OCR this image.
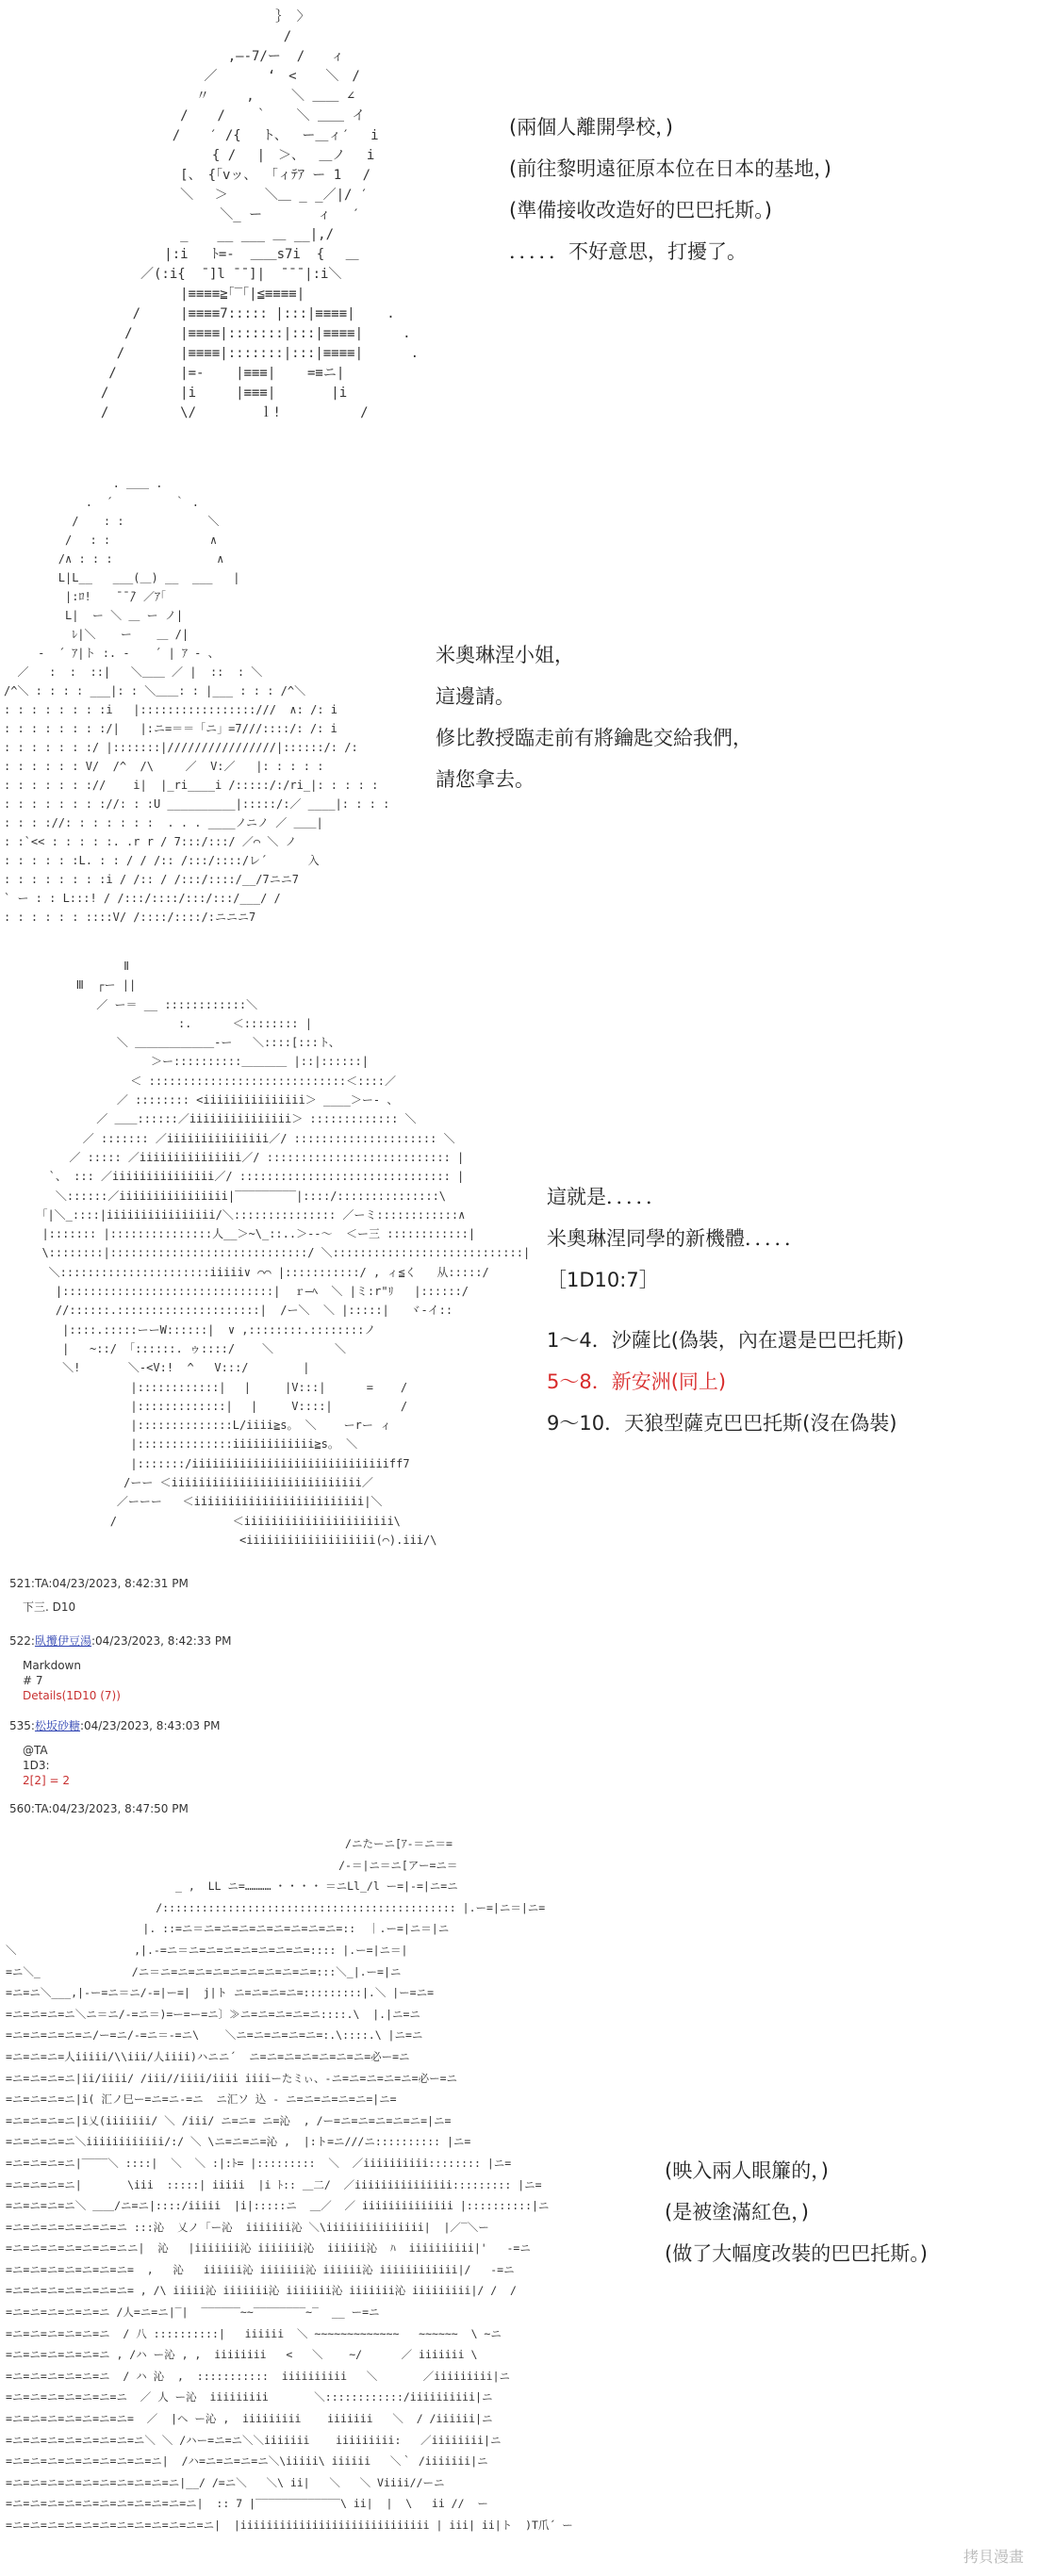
｝ 〉
/
,―-7/ー  /　　ィ
／ 　 　 ‘　< 　 ＼　/
〃 　  ,  　 ＼ ＿＿ ∠
/  　/ 　 ｀ 　 ＼ ＿＿ イ
/　  ′ /{　 ト、　 ー＿ィ′　 i
{ /　 |　＞、　 ＿ノ　 i
[、　{「vッ、 「ィﾃｱ ー 1　 /
＼ 　＞ 　  ＼＿ _ _／|/ ′
＼_ ー 　　　 ィ　 ′
_ 　 __ ___ ＿ __|,/
|:i   ﾄ=-  ＿＿s7i  {　 ＿
／(:i{  ̄ ]l ̄ ̄ ]|  ̄ ̄ ̄ |:i＼
|≡≡≡≡≧｢‾｢|≦≡≡≡≡|
/     |≡≡≡≡7::::: |:::|≡≡≡≡|    .
/      |≡≡≡≡|:::::::|:::|≡≡≡≡|     .
/       |≡≡≡≡|:::::::|:::|≡≡≡≡|      .
/        |=-    |≡≡≡|    =≡ニ|
/         |i     |≡≡≡|       |i
/         \/        ｌ!          /
(兩個人離開學校，)
(前往黎明遠征原本位在日本的基地，)
(準備接收改造好的巴巴托斯。)
．．．．．不好意思，打擾了。
. ＿＿ .
.  ´ 　 　 　 ｀ .
/ 　 : :　 　　 　 　 ＼
/　 : : 　　　　　　 　 ∧
/∧ : : : 　  　 　 　　  ∧
L|L__   ___(＿) __  ___   |
|:ﾛ! 　 ̄ ̄ ̄/ ／ｱ｢
L|  ー ＼ ＿ ー ノ|
ﾚ|＼  　ー 　 ＿ /|
‐  ´ ｱ|ト :. ‐ 　 ´ | ｱ ‐ 、
／   :  :  ::|   ＼＿＿ ／ |  ::  : ＼
/^＼ : : : : ___|: : ＼＿＿: : |___ : : : /^＼
: : : : : : : :i   |:::::::::::::::::///  ∧: /: i
: : : : : : : :/|   |:ニ=＝＝「ニ」=7///::::/: /: i
: : : : : : :/ |:::::::|////////////////|::::::/: /:
: : : : : : V/  /^  /\  　 ／  V:／   |: : : : :
: : : : : : ://    i|  |_ri____i /:::::/:/ri_|: : : : :
: : : : : : : ://: : :U __________|:::::/:／ ____|: : : :
: : : ://: : : : : : :  . . . ____ノニノ ／ ＿＿|
: :`<< : : : : :. .r r / 7:::/:::/ ／⌒ ＼ ノ
: : : : : :L. : : / / /:: /:::/::::/レ´      入
: : : : : : : :i / /:: / /:::/::::/__/7ニニ7
` ー : : L:::! / /:::/::::/:::/:::/___/ /
: : : : : : ::::V/ /::::/::::/:ニニニ7
米奧琳涅小姐，
這邊請。
修比教授臨走前有將鑰匙交給我們，
請您拿去。
Ⅱ
Ⅲ  ┌ー ||
／ ー＝ __ ::::::::::::＼
:.      ＜:::::::: |
＼ ＿＿＿＿＿＿＿-ー   ＼::::[:::ト、
＞ー::::::::::＿＿＿＿ |::|::::::|
＜ :::::::::::::::::::::::::::::＜::::／
／ :::::::: <iiiiiiiiiiiiiii＞ ____＞ー‐ 、
／ ＿＿::::::／iiiiiiiiiiiiiii＞ ::::::::::::: ＼
／ ::::::: ／iiiiiiiiiiiiiii／/ ::::::::::::::::::::: ＼
／ ::::: ／iiiiiiiiiiiiiii／/ ::::::::::::::::::::::::::: |
`、 ::: ／iiiiiiiiiiiiiii／/ ::::::::::::::::::::::::::::::: |
＼::::::／iiiiiiiiiiiiiiii|‾‾‾‾‾‾‾‾‾|::::/:::::::::::::::\
｢|＼_::::|iiiiiiiiiiiiiiii/＼::::::::::::::: ／ーミ::::::::::::∧
|::::::: |:::::::::::::::人__＞~\_::..＞-‐～  ＜ー三 ::::::::::::|
\::::::::|:::::::::::::::::::::::::::::/ ＼::::::::::::::::::::::::::::|
＼::::::::::::::::::::::iiiii∨ ⌒⌒ |:::::::::::/ , ィ≦く   从:::::/
|:::::::::::::::::::::::::::::::|  ｒ―ﾍ  ＼ |ミ:r"ﾘ   |::::::/
//::::::.:::::::::::::::::::::|  /ー＼  ＼ |:::::|   ヾ-イ::
|::::.:::::ーーW::::::|  ∨ ,::::::::.::::::::ノ
|   ~::/ 「::::::. ゥ::::/    ＼         ＼
＼!       ＼-<V:!  ^   V:::/        |
|::::::::::::| 　|     |V:::|      =    /
|:::::::::::::| 　|     V::::|          /
|::::::::::::::L/iiii≧s。 ＼    ーrー ィ
|::::::::::::::iiiiiiiiiiii≧s。 ＼
|:::::::/iiiiiiiiiiiiiiiiiiiiiiiiiiiiiff7
/ーー ＜iiiiiiiiiiiiiiiiiiiiiiiiiiii／
／ーーー   ＜iiiiiiiiiiiiiiiiiiiiiiiii|＼
/                 ＜iiiiiiiiiiiiiiiiiiiiii\
<iiiiiiiiiiiiiiiiiii(⌒).iii/\
這就是．．．．．
米奧琳涅同學的新機體．．．．．
［1D10:7］
1～4．沙薩比(偽裝，內在還是巴巴托斯)
5～8．新安洲(同上)
9～10．天狼型薩克巴巴托斯(沒在偽裝)
521:TA:04/23/2023, 8:42:31 PM
下三. D10
522:臥攬伊豆湯:04/23/2023, 8:42:33 PM
Markdown
# 7
Details(1D10 (7))
535:松坂砂糖:04/23/2023, 8:43:03 PM
@TA
1D3:
2[2] = 2
560:TA:04/23/2023, 8:47:50 PM
/ニたーニ[ｱ-＝ニ＝=
/-＝|ニ＝ニ[アー=ニ＝
_ ,  LL ニ=………… ･ ･ ･ ･ ＝ニLl_/l ー=|-=|ニ=ニ
/::::::::::::::::::::::::::::::::::::::::::::: |.ー=|ニ＝|ニ=
|. ::=ニ＝ニ=ニ=ニ=ニ=ニ=ニ=ニ=ニ=::  ｜.ー=|ニ＝|ニ
＼                  ,|.-=ニ＝ニ=ニ=ニ=ニ=ニ=ニ=ニ=:::: |.ー=|ニ＝|
=ニ＼_              /ニ＝ニ=ニ=ニ=ニ=ニ=ニ=ニ=ニ=ニ=:::＼_|.ー=|ニ
=ニ=ニ＼___,|-ー=ニ＝ニ/-=|ー=|  j|ト ニ=ニ=ニ=ニ=:::::::::|.＼ |ー=ニ=
=ニ=ニ=ニ=ニ＼ニ＝ニ/-=ニ＝)=ー=ー=ニ〕≫ニ=ニ=ニ=ニ=ニ::::.\  |.|ニ=ニ
=ニ=ニ=ニ=ニ=ニ/ー=ニ/-=ニ＝-=ニ\    ＼ニ=ニ=ニ=ニ=ニ=:.\::::.\ |ニ=ニ
=ニ=ニ=ニ=人iiiii/\\iii/人iiii)ハニニ´  ニ=ニ=ニ=ニ=ニ=ニ=ニ=必ー=ニ
=ニ=ニ=ニ=ニ|ii/iiii/ /iii//iiii/iiii iiiiーたミぃ、-ニ=ニ=ニ=ニ=ニ=必ー=ニ
=ニ=ニ=ニ=ニ|i( 汇ノ巳ー=ニ=ニ-=ニ  ニ汇ソ 込 - ニ=ニ=ニ=ニ=ニ=|ニ=
=ニ=ニ=ニ=ニ|i乂(iiiiiii/ ＼ /iii/ ニ=ニ= ニ=沁  , /ー=ニ=ニ=ニ=ニ=ニ=|ニ=
=ニ=ニ=ニ=ニ＼iiiiiiiiiiii/:/ ＼ \ニ=ニ=ニ=沁 ,  |:ト=ニ///ニ:::::::::: |ニ=
=ニ=ニ=ニ=ニ|‾‾‾‾＼ ::::|  ＼  ＼ :|:ﾄ= |:::::::::  ＼  ／iiiiiiiiii:::::::: |ニ=
=ニ=ニ=ニ=ニ|       \iii  :::::| iiiii  |i ﾄ:: ＿二/  ／iiiiiiiiiiiiiii::::::::: |ニ=
=ニ=ニ=ニ=ニ＼ ＿＿/ニ=ニ|::::/iiiii  |i|:::::ニ  ＿／  ／ iiiiiiiiiiiiii |::::::::::|ニ
=ニ=ニ=ニ=ニ=ニ=ニ=ニ :::沁  乂ノ ｢ー沁  iiiiiii沁 ＼\iiiiiiiiiiiiiii|  |／‾＼ー
=ニ=ニ=ニ=ニ=ニ=ニ=ニニ|  沁   |iiiiiii沁 iiiiiii沁  iiiiii沁  ﾊ  iiiiiiiiii|'   -=ニ
=ニ=ニ=ニ=ニ=ニ=ニ=ニ=  ,   沁   iiiiii沁 iiiiiii沁 iiiiii沁 iiiiiiiiiiii|/   -=ニ
=ニ=ニ=ニ=ニ=ニ=ニ=ニ= , /\ iiiii沁 iiiiiii沁 iiiiiii沁 iiiiiii沁 iiiiiiiii|/ /  /
=ニ=ニ=ニ=ニ=ニ=ニ /人=ニ=ニ|‾|  ‾‾‾‾‾‾~~‾‾‾‾‾‾‾‾~‾  __ ー=ニ
=ニ=ニ=ニ=ニ=ニ=ニ  / 八 ::::::::::|   iiiiii  ＼ ~~~~~~~~~~~~~   ~~~~~~  \ ~ニ
=ニ=ニ=ニ=ニ=ニ=ニ , /ハ ー沁 , ,  iiiiiiii   <   ＼    ~/      ／ iiiiiii \
=ニ=ニ=ニ=ニ=ニ=ニ  / ハ 沁  ,  :::::::::::  iiiiiiiiii   ＼       ／iiiiiiiii|ニ
=ニ=ニ=ニ=ニ=ニ=ニ=ニ  ／ 人 ー沁  iiiiiiiii       ＼::::::::::::/iiiiiiiiii|ニ
=ニ=ニ=ニ=ニ=ニ=ニ=ニ=  ／  |ヘ ー沁 ,  iiiiiiiii    iiiiiii   ＼  / /iiiiii|ニ
=ニ=ニ=ニ=ニ=ニ=ニ=ニ=ニ＼ ＼ /ハー=ニ=ニ＼＼iiiiiii    iiiiiiiii:   ／iiiiiiii|ニ
=ニ=ニ=ニ=ニ=ニ=ニ=ニ=ニ=ニ|  /ハ=ニ=ニ=ニ=ニ＼\iiiii\ iiiiii   ＼｀ /iiiiiii|ニ
=ニ=ニ=ニ=ニ=ニ=ニ=ニ=ニ=ニ=ニ|__/ /=ニ＼   ＼\ ii|   ＼   ＼ Viiii//ーニ
=ニ=ニ=ニ=ニ=ニ=ニ=ニ=ニ=ニ=ニ=ニ|  :: 7 |‾‾‾‾‾‾‾‾‾‾‾‾‾\ ii|  |  \   ii //  ー
=ニ=ニ=ニ=ニ=ニ=ニ=ニ=ニ=ニ=ニ=ニ=ニ|  |iiiiiiiiiiiiiiiiiiiiiiiiiiiii | iii| ii|ト  )T爪´ ー
(映入兩人眼簾的，)
(是被塗滿紅色，)
(做了大幅度改裝的巴巴托斯。)
拷貝漫畫
